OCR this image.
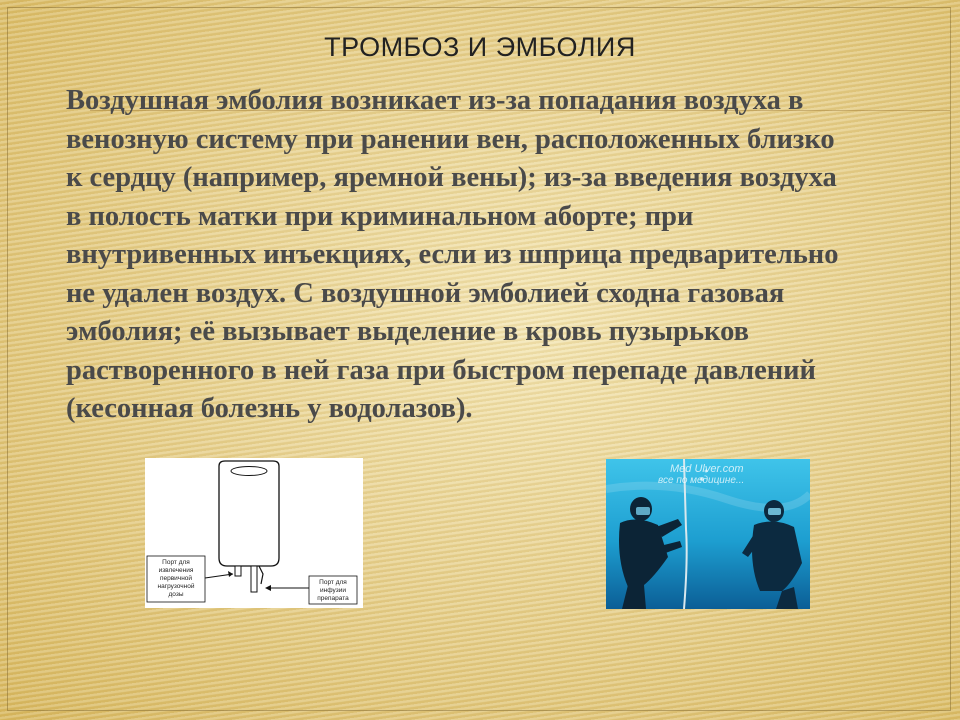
ТРОМБОЗ И ЭМБОЛИЯ
Воздушная эмболия возникает из-за попадания воздуха в
венозную систему при ранении вен, расположенных близко
к сердцу (например, яремной вены); из-за введения воздуха
в полость матки при криминальном аборте; при
внутривенных инъекциях, если из шприца предварительно
не удален воздух. С воздушной эмболией сходна газовая
эмболия; её вызывает выделение в кровь пузырьков
растворенного в ней газа при быстром перепаде давлений
(кесонная болезнь у водолазов).
Порт для
извлечения
первичной
нагрузочной
дозы
Порт для
инфузии
препарата
Med Ulver.com
все по медицине...
